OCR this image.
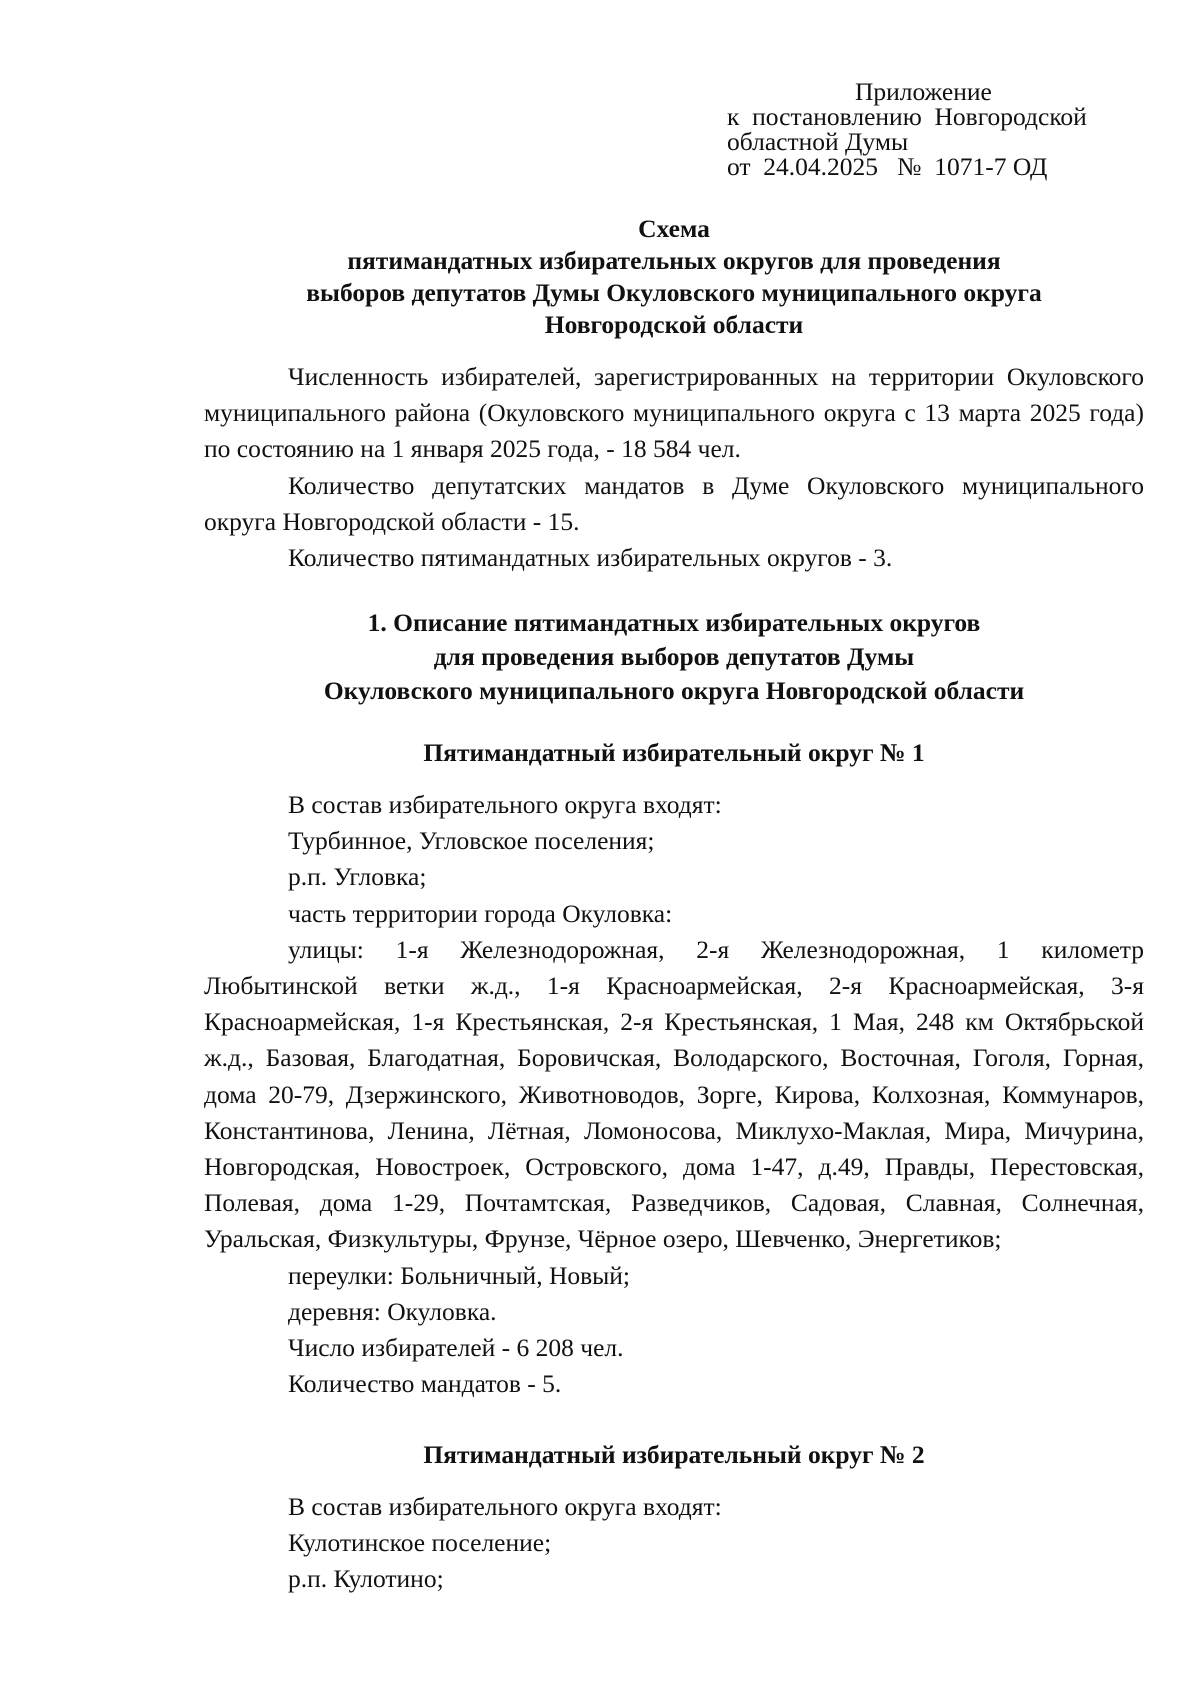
Приложение
к  постановлению  Новгородской
областной Думы
от  24.04.2025   №  1071-7 ОД
Схема
пятимандатных избирательных округов для проведения
выборов депутатов Думы Окуловского муниципального округа
Новгородской области

Численность избирателей, зарегистрированных на территории Окуловского муниципального района (Окуловского муниципального округа с 13 марта 2025 года) по состоянию на 1 января 2025 года, - 18 584 чел.

Количество депутатских мандатов в Думе Окуловского муниципального округа Новгородской области - 15.

Количество пятимандатных избирательных округов - 3.

1. Описание пятимандатных избирательных округов
для проведения выборов депутатов Думы
Окуловского муниципального округа Новгородской области
Пятимандатный избирательный округ № 1

В состав избирательного округа входят:

Турбинное, Угловское поселения;

р.п. Угловка;

часть территории города Окуловка:

улицы: 1-я Железнодорожная, 2-я Железнодорожная, 1 километр Любытинской ветки ж.д., 1-я Красноармейская, 2-я Красноармейская, 3-я Красноармейская, 1-я Крестьянская, 2-я Крестьянская, 1 Мая, 248 км Октябрьской ж.д., Базовая, Благодатная, Боровичская, Володарского, Восточная, Гоголя, Горная, дома 20-79, Дзержинского, Животноводов, Зорге, Кирова, Колхозная, Коммунаров, Константинова, Ленина, Лётная, Ломоносова, Миклухо-Маклая, Мира, Мичурина, Новгородская, Новостроек, Островского, дома 1-47, д.49, Правды, Перестовская, Полевая, дома 1-29, Почтамтская, Разведчиков, Садовая, Славная, Солнечная, Уральская, Физкультуры, Фрунзе, Чёрное озеро, Шевченко, Энергетиков;

переулки: Больничный, Новый;

деревня: Окуловка.

Число избирателей - 6 208 чел.

Количество мандатов - 5.

Пятимандатный избирательный округ № 2

В состав избирательного округа входят:

Кулотинское поселение;

р.п. Кулотино;
